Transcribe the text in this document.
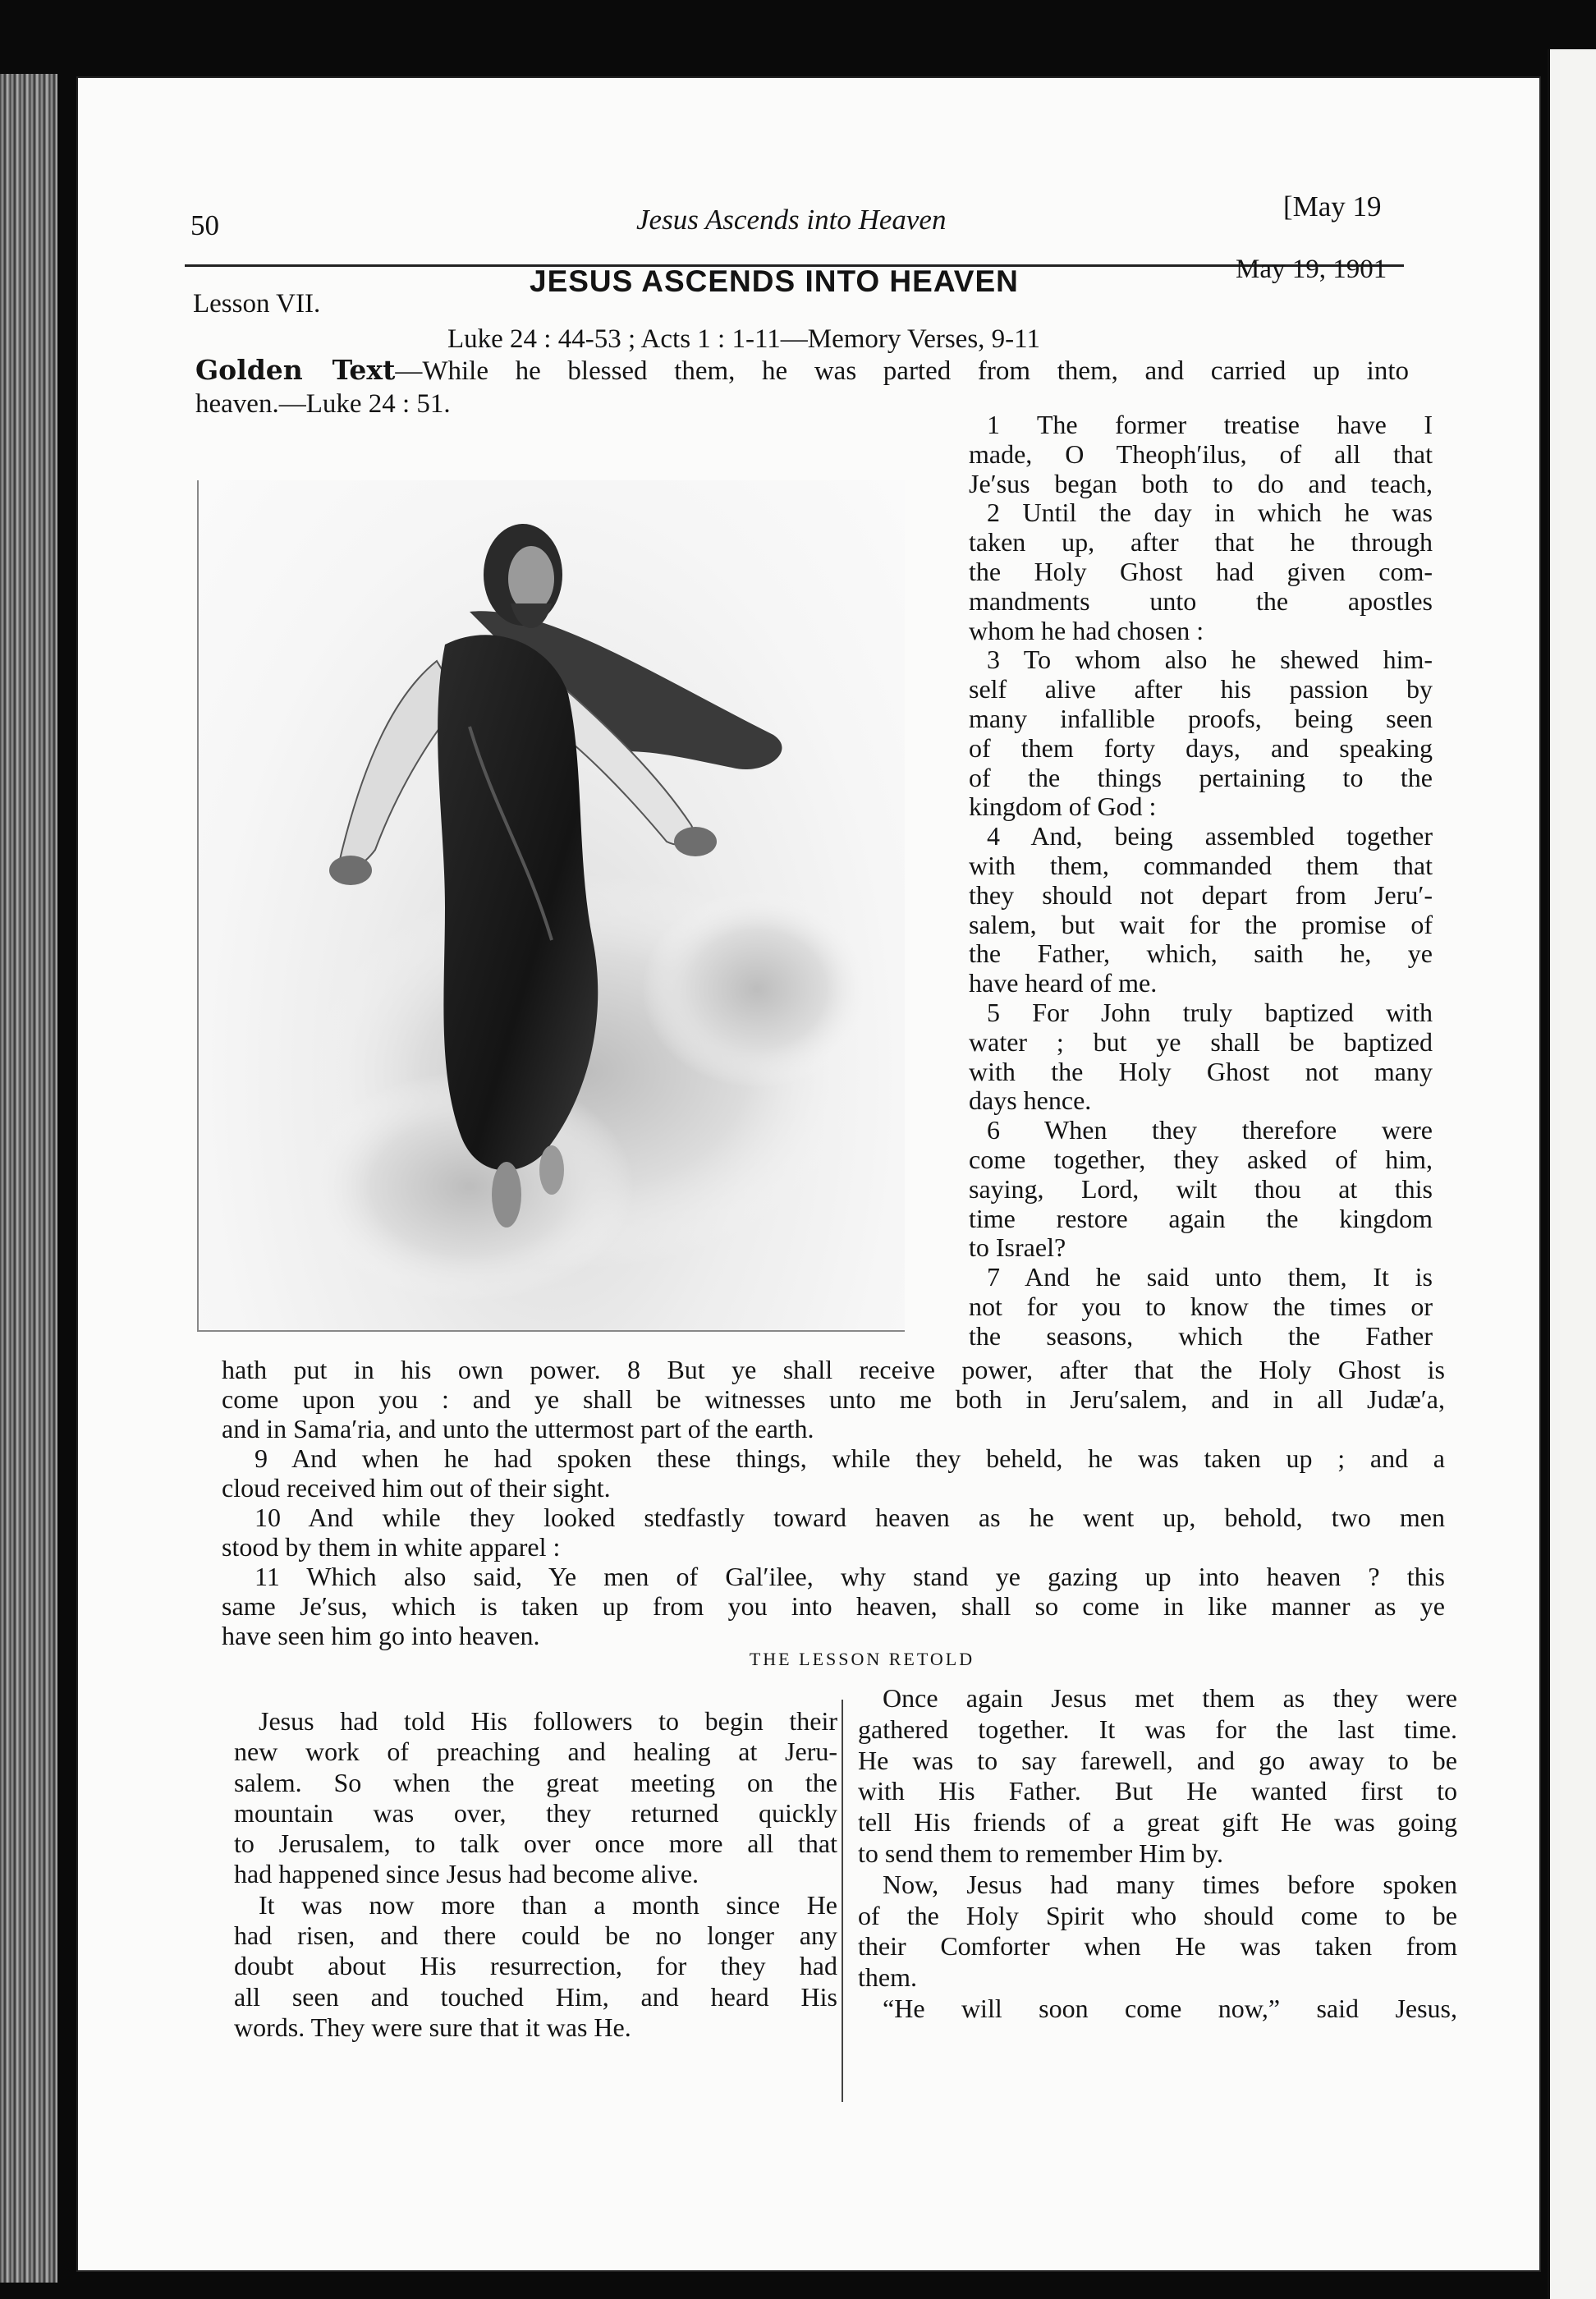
50	Jesus Ascends into Heaven	[May 19
Lesson VII.
JESUS ASCENDS INTO HEAVEN	May 19, 1901
Luke 24 : 44-53 ; Acts 1 : 1-11—Memory Verses, 9-11
Golden Text—While he blessed them, he was parted from them, and carried up into
heaven.—Luke 24 : 51.
1 The former treatise have I
made, O Theoph′ilus, of all that
Je′sus began both to do and teach,
2 Until the day in which he was
taken up, after that he through
the Holy Ghost had given com-
mandments unto the apostles
whom he had chosen :
3 To whom also he shewed him-
self alive after his passion by
many infallible proofs, being seen
of them forty days, and speaking
of the things pertaining to the
kingdom of God :
4 And, being assembled together
with them, commanded them that
they should not depart from Jeru′-
salem, but wait for the promise of
the Father, which, saith he, ye
have heard of me.
5 For John truly baptized with
water ; but ye shall be baptized
with the Holy Ghost not many
days hence.
6 When they therefore were
come together, they asked of him,
saying, Lord, wilt thou at this
time restore again the kingdom
to Israel?
7 And he said unto them, It is
not for you to know the times or
the seasons, which the Father
hath put in his own power. 8 But ye shall receive power, after that the Holy Ghost is
come upon you : and ye shall be witnesses unto me both in Jeru′salem, and in all Judæ′a,
and in Sama′ria, and unto the uttermost part of the earth.
9 And when he had spoken these things, while they beheld, he was taken up ; and a
cloud received him out of their sight.
10 And while they looked stedfastly toward heaven as he went up, behold, two men
stood by them in white apparel :
11 Which also said, Ye men of Gal′ilee, why stand ye gazing up into heaven ? this
same Je′sus, which is taken up from you into heaven, shall so come in like manner as ye
have seen him go into heaven.
THE LESSON RETOLD
Jesus had told His followers to begin their
new work of preaching and healing at Jeru-
salem. So when the great meeting on the
mountain was over, they returned quickly
to Jerusalem, to talk over once more all that
had happened since Jesus had become alive.
It was now more than a month since He
had risen, and there could be no longer any
doubt about His resurrection, for they had
all seen and touched Him, and heard His
words. They were sure that it was He.
Once again Jesus met them as they were
gathered together. It was for the last time.
He was to say farewell, and go away to be
with His Father. But He wanted first to
tell His friends of a great gift He was going
to send them to remember Him by.
Now, Jesus had many times before spoken
of the Holy Spirit who should come to be
their Comforter when He was taken from
them.
“He will soon come now,” said Jesus,
